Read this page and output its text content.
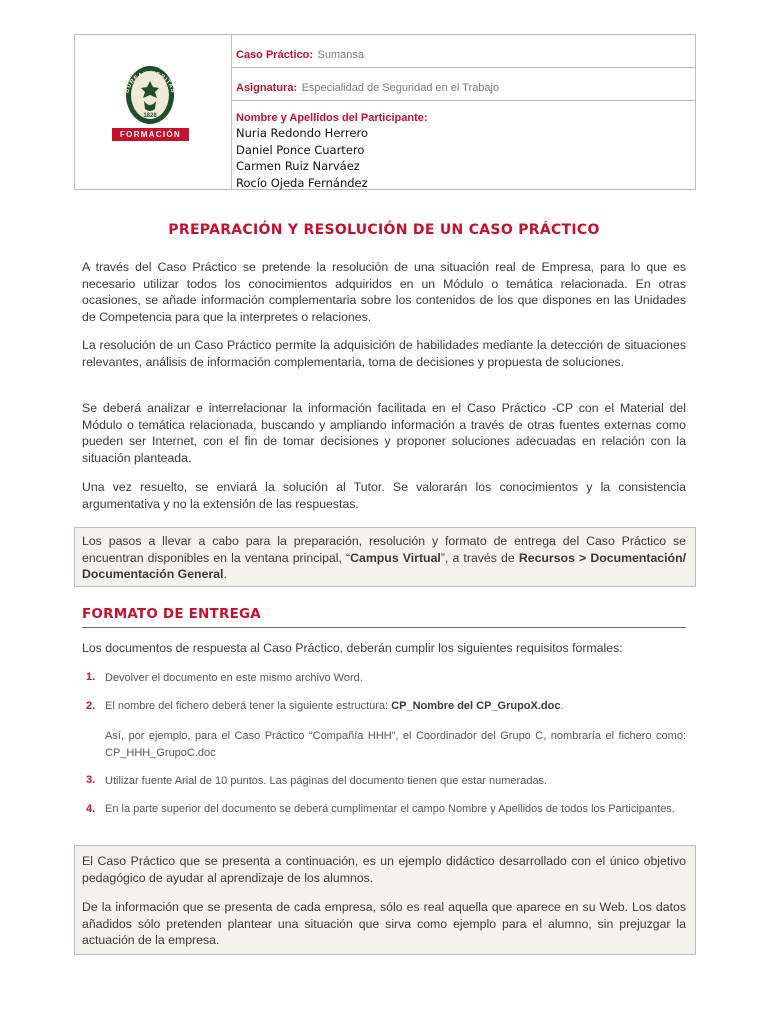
BUREAU VERITAS
1828
FORMACIÓN
Caso Práctico: Sumansa
Asignatura: Especialidad de Seguridad en el Trabajo
Nombre y Apellidos del Participante:
Nuria Redondo Herrero
Daniel Ponce Cuartero
Carmen Ruiz Narváez
Rocío Ojeda Fernández
PREPARACIÓN Y RESOLUCIÓN DE UN CASO PRÁCTICO

A través del Caso Práctico se pretende la resolución de una situación real de Empresa, para lo que es necesario utilizar todos los conocimientos adquiridos en un Módulo o temática relacionada. En otras ocasiones, se añade información complementaria sobre los contenidos de los que dispones en las Unidades de Competencia para que la interpretes o relaciones.

La resolución de un Caso Práctico permite la adquisición de habilidades mediante la detección de situaciones relevantes, análisis de información complementaria, toma de decisiones y propuesta de soluciones.

Se deberá analizar e interrelacionar la información facilitada en el Caso Práctico -CP con el Material del Módulo o temática relacionada, buscando y ampliando información a través de otras fuentes externas como pueden ser Internet, con el fin de tomar decisiones y proponer soluciones adecuadas en relación con la situación planteada.

Una vez resuelto, se enviará la solución al Tutor. Se valorarán los conocimientos y la consistencia argumentativa y no la extensión de las respuestas.

Los pasos a llevar a cabo para la preparación, resolución y formato de entrega del Caso Práctico se encuentran disponibles en la ventana principal, “Campus Virtual”, a través de Recursos > Documentación/ Documentación General.

FORMATO DE ENTREGA

Los documentos de respuesta al Caso Práctico, deberán cumplir los siguientes requisitos formales:

1. Devolver el documento en este mismo archivo Word.
2. El nombre del fichero deberá tener la siguiente estructura: CP_Nombre del CP_GrupoX.doc.
Así, por ejemplo, para el Caso Práctico “Compañía HHH”, el Coordinador del Grupo C, nombraría el fichero como: CP_HHH_GrupoC.doc
3. Utilizar fuente Arial de 10 puntos. Las páginas del documento tienen que estar numeradas.
4. En la parte superior del documento se deberá cumplimentar el campo Nombre y Apellidos de todos los Participantes.

El Caso Práctico que se presenta a continuación, es un ejemplo didáctico desarrollado con el único objetivo pedagógico de ayudar al aprendizaje de los alumnos.

De la información que se presenta de cada empresa, sólo es real aquella que aparece en su Web. Los datos añadidos sólo pretenden plantear una situación que sirva como ejemplo para el alumno, sin prejuzgar la actuación de la empresa.
